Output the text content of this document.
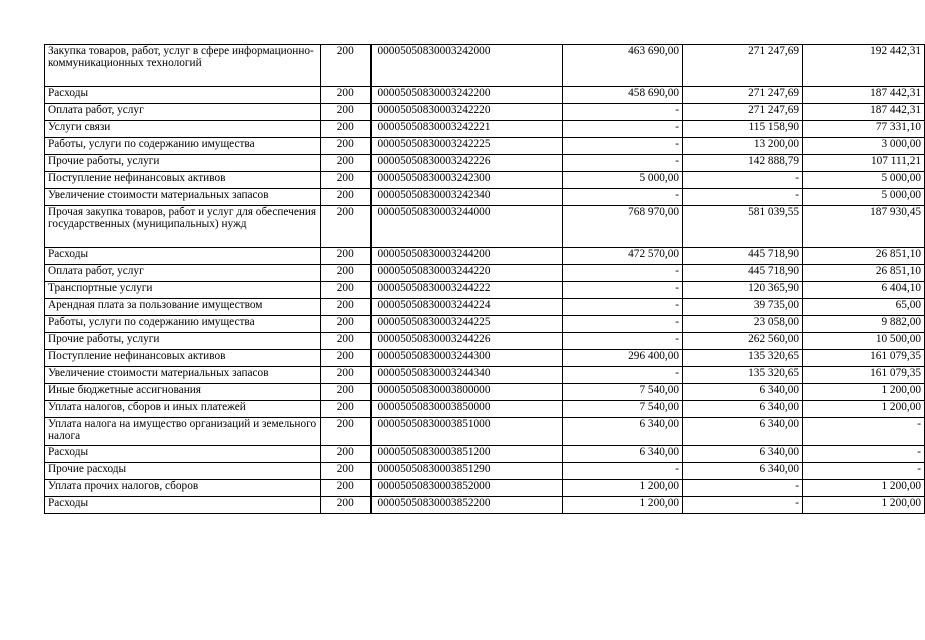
Закупка товаров, работ, услуг в сфере информационно-коммуникационных технологий	200	00005050830003242000	463 690,00	271 247,69	192 442,31
Расходы	200	00005050830003242200	458 690,00	271 247,69	187 442,31
Оплата работ, услуг	200	00005050830003242220	-	271 247,69	187 442,31
Услуги связи	200	00005050830003242221	-	115 158,90	77 331,10
Работы, услуги по содержанию имущества	200	00005050830003242225	-	13 200,00	3 000,00
Прочие работы, услуги	200	00005050830003242226	-	142 888,79	107 111,21
Поступление нефинансовых активов	200	00005050830003242300	5 000,00	-	5 000,00
Увеличение стоимости материальных запасов	200	00005050830003242340	-	-	5 000,00
Прочая закупка товаров, работ и услуг для обеспечения государственных (муниципальных) нужд	200	00005050830003244000	768 970,00	581 039,55	187 930,45
Расходы	200	00005050830003244200	472 570,00	445 718,90	26 851,10
Оплата работ, услуг	200	00005050830003244220	-	445 718,90	26 851,10
Транспортные услуги	200	00005050830003244222	-	120 365,90	6 404,10
Арендная плата за пользование имуществом	200	00005050830003244224	-	39 735,00	65,00
Работы, услуги по содержанию имущества	200	00005050830003244225	-	23 058,00	9 882,00
Прочие работы, услуги	200	00005050830003244226	-	262 560,00	10 500,00
Поступление нефинансовых активов	200	00005050830003244300	296 400,00	135 320,65	161 079,35
Увеличение стоимости материальных запасов	200	00005050830003244340	-	135 320,65	161 079,35
Иные бюджетные ассигнования	200	00005050830003800000	7 540,00	6 340,00	1 200,00
Уплата налогов, сборов и иных платежей	200	00005050830003850000	7 540,00	6 340,00	1 200,00
Уплата налога на имущество организаций и земельного налога	200	00005050830003851000	6 340,00	6 340,00	-
Расходы	200	00005050830003851200	6 340,00	6 340,00	-
Прочие расходы	200	00005050830003851290	-	6 340,00	-
Уплата прочих налогов, сборов	200	00005050830003852000	1 200,00	-	1 200,00
Расходы	200	00005050830003852200	1 200,00	-	1 200,00
